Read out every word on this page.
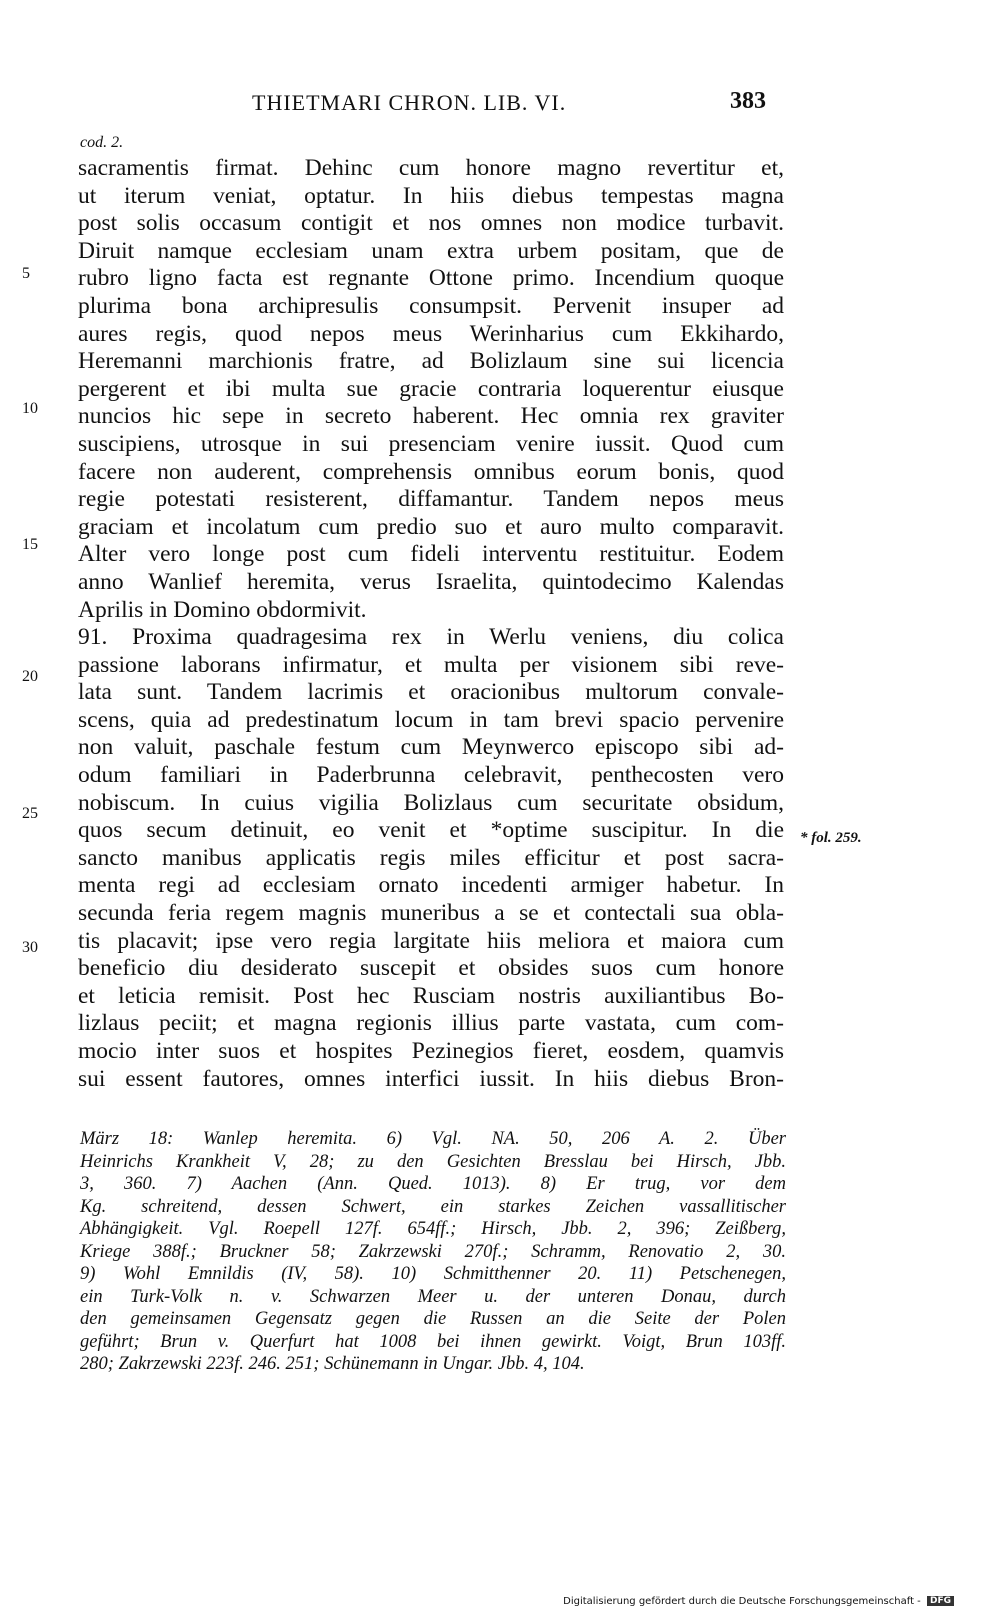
THIETMARI CHRON. LIB. VI.	383
cod. 2.
sacramentis firmat. Dehinc cum honore magno revertitur et,
ut iterum veniat, optatur. In hiis diebus tempestas magna
post solis occasum contigit et nos omnes non modice turbavit.
Diruit namque ecclesiam unam extra urbem positam, que de
rubro ligno facta est regnante Ottone primo. Incendium quoque
plurima bona archipresulis consumpsit. Pervenit insuper ad
aures regis, quod nepos meus Werinharius cum Ekkihardo,
Heremanni marchionis fratre, ad Bolizlaum sine sui licencia
pergerent et ibi multa sue gracie contraria loquerentur eiusque
nuncios hic sepe in secreto haberent. Hec omnia rex graviter
suscipiens, utrosque in sui presenciam venire iussit. Quod cum
facere non auderent, comprehensis omnibus eorum bonis, quod
regie potestati resisterent, diffamantur. Tandem nepos meus
graciam et incolatum cum predio suo et auro multo comparavit.
Alter vero longe post cum fideli interventu restituitur. Eodem
anno Wanlief heremita, verus Israelita, quintodecimo Kalendas
Aprilis in Domino obdormivit.
91. Proxima quadragesima rex in Werlu veniens, diu colica
passione laborans infirmatur, et multa per visionem sibi reve-
lata sunt. Tandem lacrimis et oracionibus multorum convale-
scens, quia ad predestinatum locum in tam brevi spacio pervenire
non valuit, paschale festum cum Meynwerco episcopo sibi ad-
odum familiari in Paderbrunna celebravit, penthecosten vero
nobiscum. In cuius vigilia Bolizlaus cum securitate obsidum,
quos secum detinuit, eo venit et *optime suscipitur. In die
sancto manibus applicatis regis miles efficitur et post sacra-
menta regi ad ecclesiam ornato incedenti armiger habetur. In
secunda feria regem magnis muneribus a se et contectali sua obla-
tis placavit; ipse vero regia largitate hiis meliora et maiora cum
beneficio diu desiderato suscepit et obsides suos cum honore
et leticia remisit. Post hec Rusciam nostris auxiliantibus Bo-
lizlaus peciit; et magna regionis illius parte vastata, cum com-
mocio inter suos et hospites Pezinegios fieret, eosdem, quamvis
sui essent fautores, omnes interfici iussit. In hiis diebus Bron-
5
10
15
20
25
30
* fol. 259.
März 18: Wanlep heremita. 6) Vgl. NA. 50, 206 A. 2. Über
Heinrichs Krankheit V, 28; zu den Gesichten Bresslau bei Hirsch, Jbb.
3, 360. 7) Aachen (Ann. Qued. 1013). 8) Er trug, vor dem
Kg. schreitend, dessen Schwert, ein starkes Zeichen vassallitischer
Abhängigkeit. Vgl. Roepell 127f. 654ff.; Hirsch, Jbb. 2, 396; Zeißberg,
Kriege 388f.; Bruckner 58; Zakrzewski 270f.; Schramm, Renovatio 2, 30.
9) Wohl Emnildis (IV, 58). 10) Schmitthenner 20. 11) Petschenegen,
ein Turk-Volk n. v. Schwarzen Meer u. der unteren Donau, durch
den gemeinsamen Gegensatz gegen die Russen an die Seite der Polen
geführt; Brun v. Querfurt hat 1008 bei ihnen gewirkt. Voigt, Brun 103ff.
280; Zakrzewski 223f. 246. 251; Schünemann in Ungar. Jbb. 4, 104.
Digitalisierung gefördert durch die Deutsche Forschungsgemeinschaft - DFG
